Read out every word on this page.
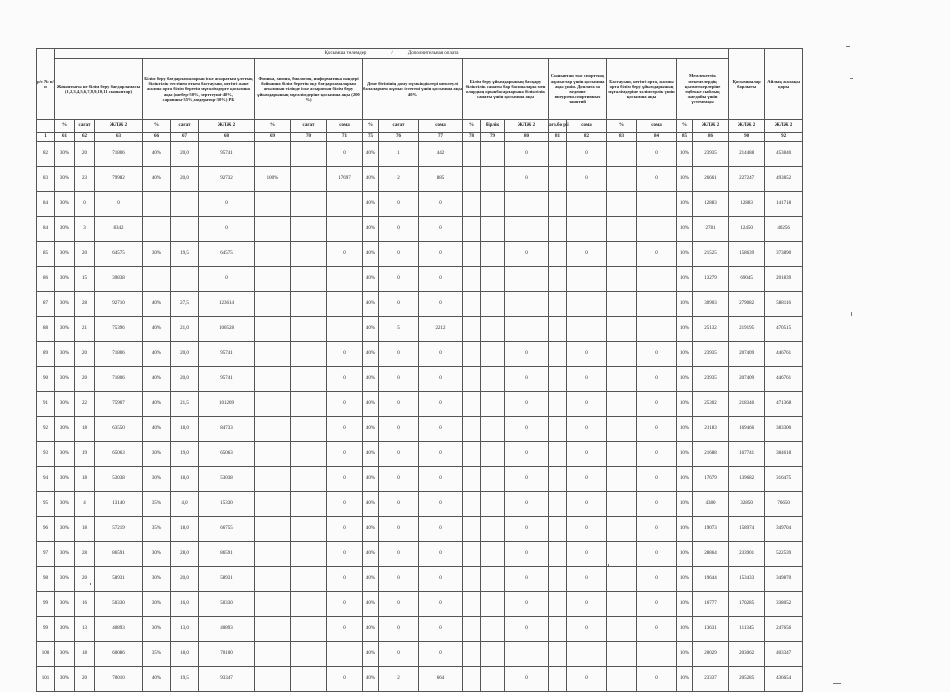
р/с № п/п	Қосымша төлемдер / Дополнительная оплата																					Қосымшалар барлығы	Айлық жалақы қоры
	Жиынтығы не білім беру бағдарламасы (1,2,3,4,5,6,7,8,9,10,11 сыныптар)			Білім беру бағдарламаларын іске асыратын ұлттық біліктілік тестінен өткен бастауыш, негізгі және жалпы орта білім беретін мұғалімдерге қосымша ақы (шебер-50%, зерттеуші-40%, сарапшы-35%,модератор-30%) РБ			Физика, химия, биология, информатика пәндері бойынша білім беретін оқу бағдарламаларын ағылшын тілінде іске асыратын білім беру ұйымдарының мұғалімдеріне қосымша ақы (200 %)			Дене бітімінің даму мүмкіндіктері шектеулі балалармен жұмыс істегені үшін қосымша ақы 40%			Білім беру ұйымдарының басқару біліктілік санаты бар басшылары мен олардың орынбасарларына біліктілік санаты үшін қосымша ақы			Сыныптан тыс спорттық жұмыстар үшін қосымша ақы үшін. Доплата за ведение внеурочн.спортивных занятий		Бастауыш, негізгі орта, жалпы орта білім беру ұйымдарының мұғалімдеріне тәлімгерлік үшін қосымша ақы		Мемлекеттік мекемелердің қызметкерлеріне еңбекке сыйлық жағдайы үшін үстемеақы			
	%	сағат	ЖЛЖ 2	%	сағат	ЖЛЖ 2	%	сағат	сома	%	сағат	сома	%	бірлік	ЖЛЖ 2	ағз.бө р.і	сома	%	сома	%	ЖЛЖ 2	ЖЛЖ 2	ЖЛЖ 2
1	61	62	63	66	67	68	69	70	71	75	76	77	78	79	80	81	82	83	84	85	86	90	92
82	30%	20	71806	40%	20,0	95741			0	40%	1	442			0		0		0	10%	23935	214488	453840
83	30%	23	79982	40%	20,0	92732	100%		17697	40%	2	885			0		0		0	10%	26661	227247	493852
84	30%	0	0			0				40%	0	0								10%	12883	12883	141718
84	30%	3	8342			0				40%	0	0								10%	2781	12450	40256
85	30%	20	64575	30%	19,5	64575			0	40%	0	0			0		0		0	10%	21525	158639	373890
86	30%	15	39838			0				40%	0	0								10%	13279	69045	201839
87	30%	28	92710	40%	27,5	123614				40%	0	0								10%	30903	279082	588116
88	30%	21	75396	40%	21,0	100528				40%	5	2212								10%	25132	219195	470515
89	30%	20	71806	40%	20,0	95741			0	40%	0	0			0		0		0	10%	23935	207409	446761
90	30%	20	71806	40%	20,0	95741			0	40%	0	0			0		0		0	10%	23935	207409	446761
91	30%	22	75907	40%	21,5	101209			0	40%	0	0			0		0		0	10%	25302	218346	471368
92	30%	18	63550	40%	18,0	84733			0	40%	0	0			0		0		0	10%	21183	169466	383300
93	30%	19	65063	30%	19,0	65063			0	40%	0	0			0		0		0	10%	21688	167741	384618
94	30%	18	53038	30%	18,0	53038			0	40%	0	0			0		0		0	10%	17679	139682	316475
95	30%	4	13140	35%	4,0	15330			0	40%	0	0			0		0		0	10%	4380	32850	76650
96	30%	18	57219	35%	18,0	66755			0	40%	0	0			0		0		0	10%	19073	158974	349704
97	30%	28	86591	30%	28,0	86591			0	40%	0	0			0		0		0	10%	28864	233901	522539
98	30%	20	58931	30%	20,0	58931			0	40%	0	0			0		0		0	10%	19644	153433	349870
99	30%	16	50330	30%	16,0	50330			0	40%	0	0			0		0		0	10%	16777	170285	338052
99	30%	13	40893	30%	13,0	40893			0	40%	0	0			0		0		0	10%	13631	111345	247656
100	30%	18	60086	35%	18,0	70100				40%	0	0								10%	20029	203062	403347
101	30%	20	70010	40%	19,5	93347			0	40%	2	664			0		0		0	10%	23337	205285	436654
